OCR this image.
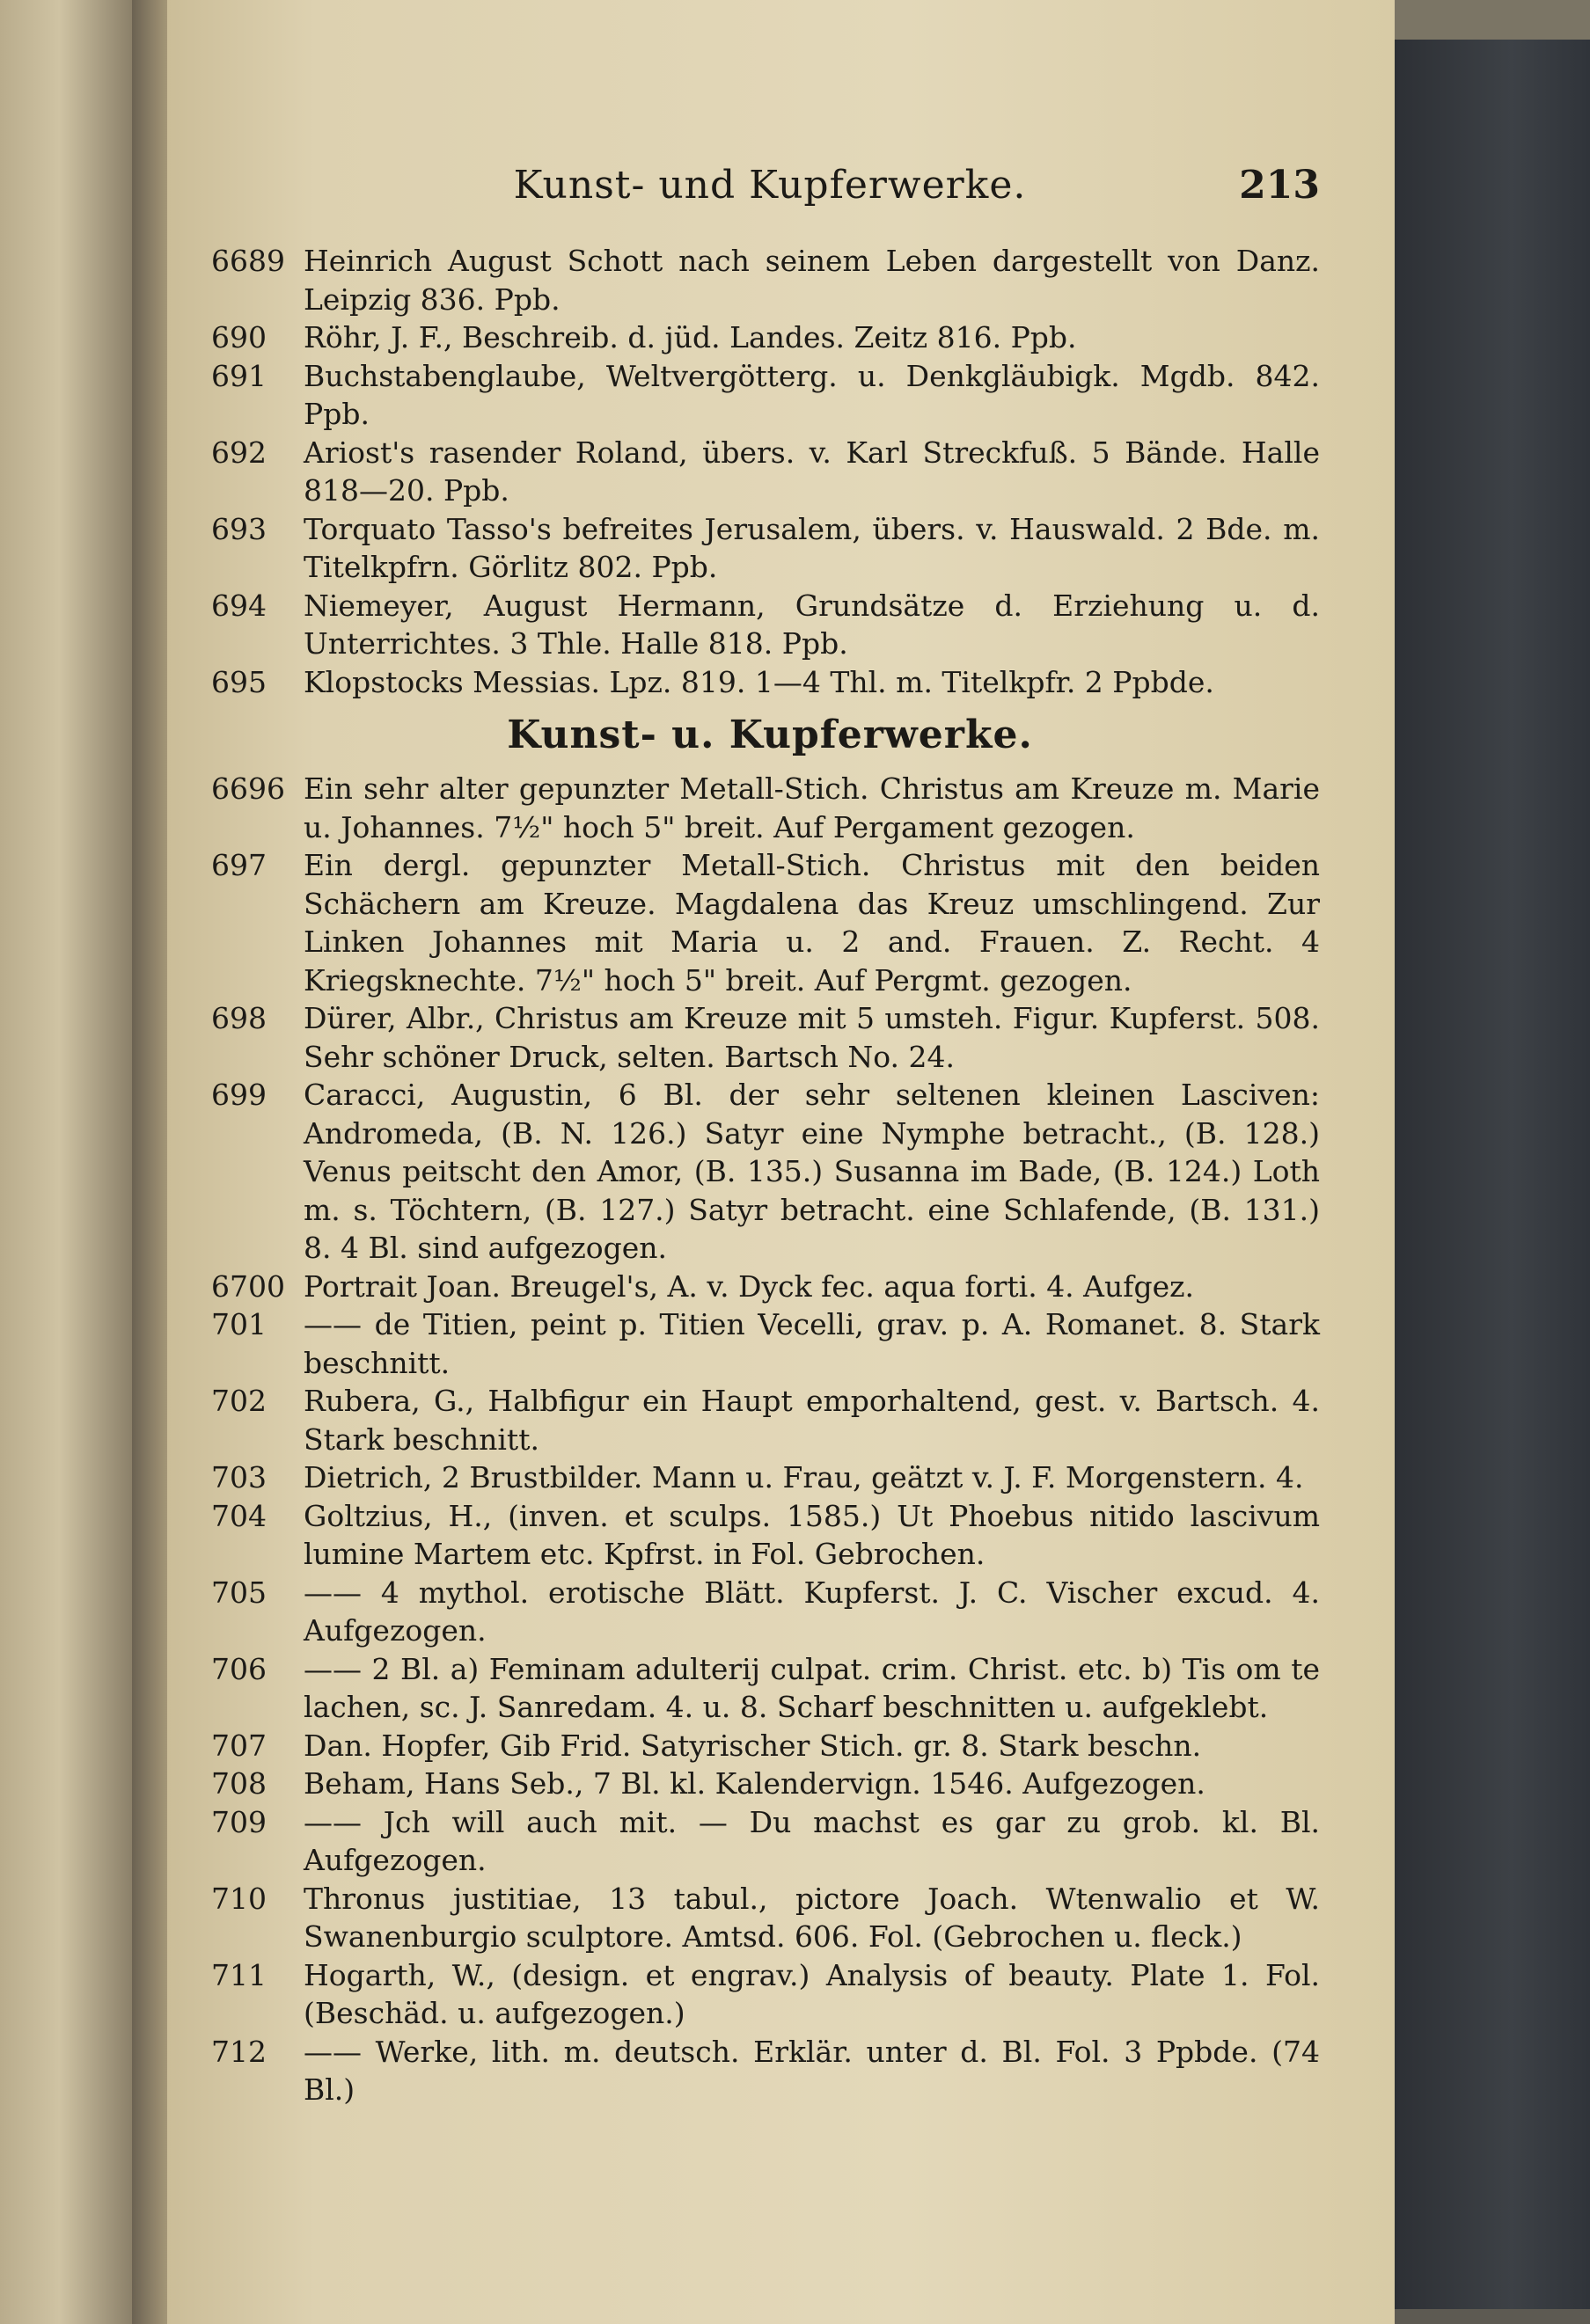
Kunst- und Kupferwerke.	213
6689 Heinrich August Schott nach seinem Leben dargestellt von Danz. Leipzig 836. Ppb.
690	Röhr, J. F., Beschreib. d. jüd. Landes. Zeitz 816. Ppb.
691	Buchstabenglaube, Weltvergötterg. u. Denkgläubigk. Mgdb. 842. Ppb.
692	Ariost's rasender Roland, übers. v. Karl Streckfuß. 5 Bände. Halle 818—20. Ppb.
693	Torquato Tasso's befreites Jerusalem, übers. v. Hauswald. 2 Bde. m. Titelkpfrn. Görlitz 802. Ppb.
694	Niemeyer, August Hermann, Grundsätze d. Erziehung u. d. Unterrichtes. 3 Thle. Halle 818. Ppb.
695	Klopstocks Messias. Lpz. 819. 1—4 Thl. m. Titelkpfr. 2 Ppbde.
Kunst- u. Kupferwerke.
6696 Ein sehr alter gepunzter Metall-Stich. Christus am Kreuze m. Marie u. Johannes. 7½" hoch 5" breit. Auf Pergament gezogen.
697	Ein dergl. gepunzter Metall-Stich. Christus mit den beiden Schächern am Kreuze. Magdalena das Kreuz umschlingend. Zur Linken Johannes mit Maria u. 2 and. Frauen. Z. Recht. 4 Kriegsknechte. 7½" hoch 5" breit. Auf Pergmt. gezogen.
698	Dürer, Albr., Christus am Kreuze mit 5 umsteh. Figur. Kupferst. 508. Sehr schöner Druck, selten. Bartsch No. 24.
699	Caracci, Augustin, 6 Bl. der sehr seltenen kleinen Lasciven: Andromeda, (B. N. 126.) Satyr eine Nymphe betracht., (B. 128.) Venus peitscht den Amor, (B. 135.) Susanna im Bade, (B. 124.) Loth m. s. Töchtern, (B. 127.) Satyr betracht. eine Schlafende, (B. 131.) 8. 4 Bl. sind aufgezogen.
6700 Portrait Joan. Breugel's, A. v. Dyck fec. aqua forti. 4. Aufgez.
701	—— de Titien, peint p. Titien Vecelli, grav. p. A. Romanet. 8. Stark beschnitt.
702	Rubera, G., Halbfigur ein Haupt emporhaltend, gest. v. Bartsch. 4. Stark beschnitt.
703	Dietrich, 2 Brustbilder. Mann u. Frau, geätzt v. J. F. Morgenstern. 4.
704	Goltzius, H., (inven. et sculps. 1585.) Ut Phoebus nitido lascivum lumine Martem etc. Kpfrst. in Fol. Gebrochen.
705	—— 4 mythol. erotische Blätt. Kupferst. J. C. Vischer excud. 4. Aufgezogen.
706	—— 2 Bl. a) Feminam adulterij culpat. crim. Christ. etc. b) Tis om te lachen, sc. J. Sanredam. 4. u. 8. Scharf beschnitten u. aufgeklebt.
707	Dan. Hopfer, Gib Frid. Satyrischer Stich. gr. 8. Stark beschn.
708	Beham, Hans Seb., 7 Bl. kl. Kalendervign. 1546. Aufgezogen.
709	—— Jch will auch mit. — Du machst es gar zu grob. kl. Bl. Aufgezogen.
710	Thronus justitiae, 13 tabul., pictore Joach. Wtenwalio et W. Swanenburgio sculptore. Amtsd. 606. Fol. (Gebrochen u. fleck.)
711	Hogarth, W., (design. et engrav.) Analysis of beauty. Plate 1. Fol. (Beschäd. u. aufgezogen.)
712	—— Werke, lith. m. deutsch. Erklär. unter d. Bl. Fol. 3 Ppbde. (74 Bl.)
